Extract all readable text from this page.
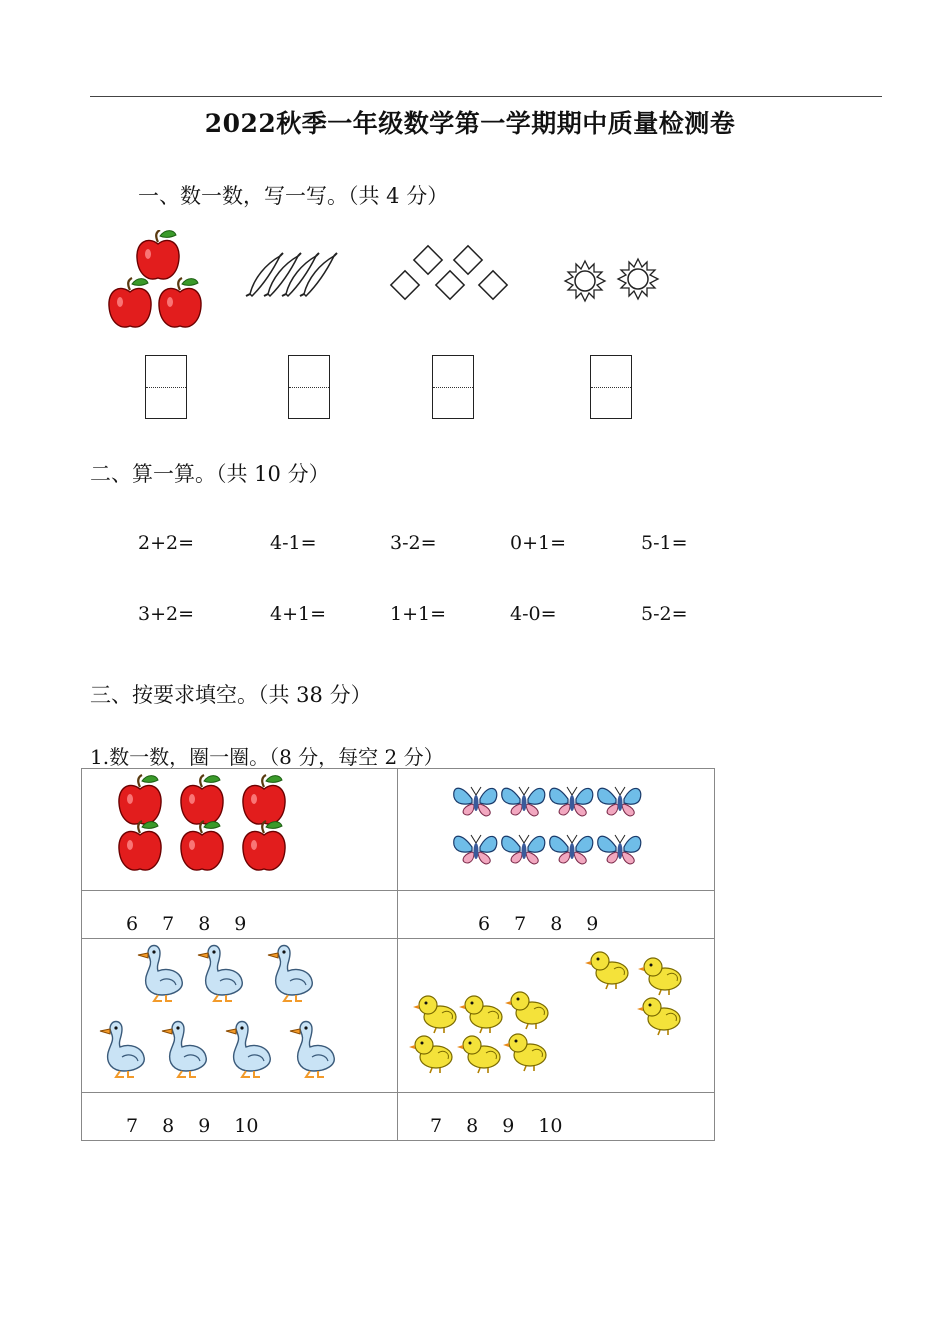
2022秋季一年级数学第一学期期中质量检测卷
一、数一数，写一写。（共 4 分）
二、算一算。（共 10 分）
2+2=	4-1=	3-2=	0+1=	5-1=
3+2=	4+1=	1+1=	4-0=	5-2=
三、按要求填空。（共 38 分）
1.数一数，圈一圈。（8 分，每空 2 分）

6 7 8 9	6 7 8 9

7 8 9 10	7 8 9 10
